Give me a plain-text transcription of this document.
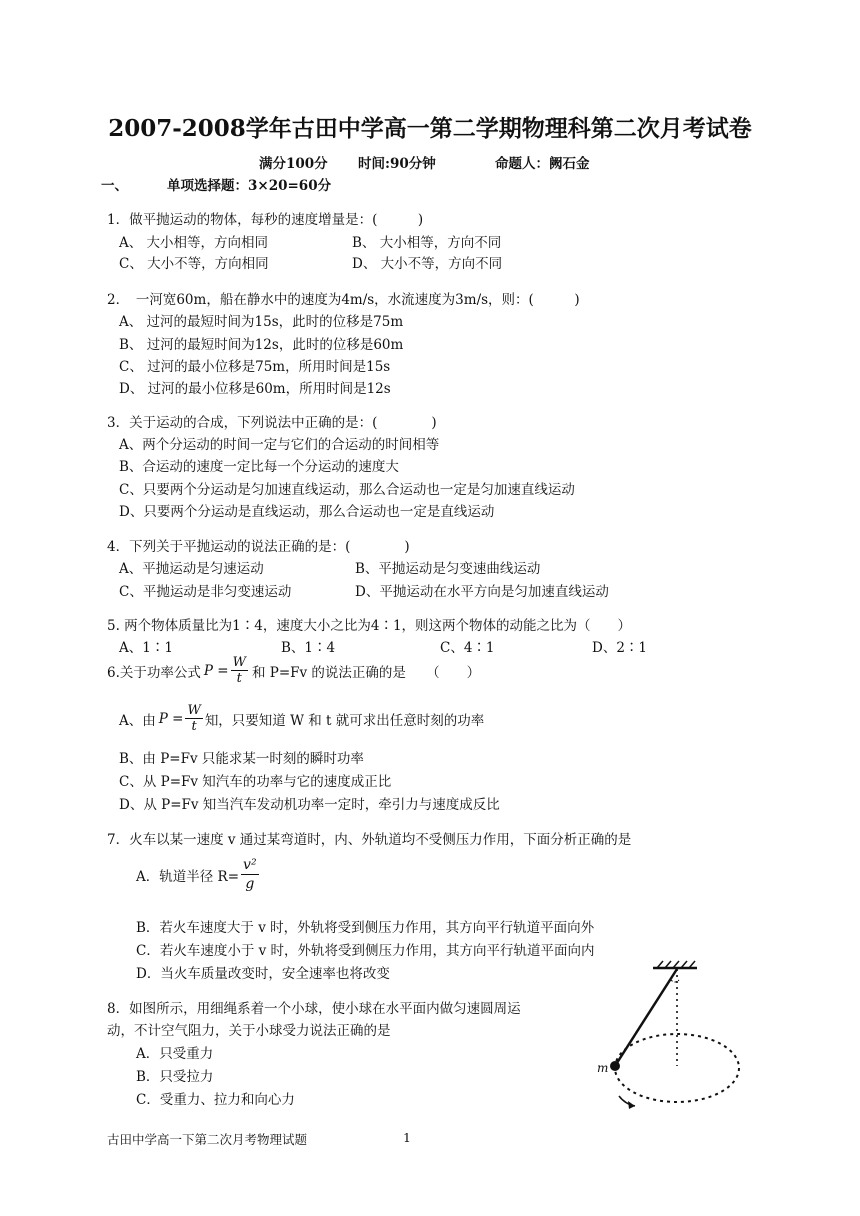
2007-2008学年古田中学高一第二学期物理科第二次月考试卷
满分100分 时间:90分钟	命题人：阙石金
一、	单项选择题：3×20=60分
1．做平抛运动的物体，每秒的速度增量是：(　　　)
A、 大小相等，方向相同	B、 大小相等，方向不同
C、 大小不等，方向相同	D、 大小不等，方向不同
2．　一河宽60m，船在静水中的速度为4m/s，水流速度为3m/s，则：(　　　)
A、 过河的最短时间为15s，此时的位移是75m
B、 过河的最短时间为12s，此时的位移是60m
C、 过河的最小位移是75m，所用时间是15s
D、 过河的最小位移是60m，所用时间是12s
3．关于运动的合成，下列说法中正确的是：(　　　　)
A、两个分运动的时间一定与它们的合运动的时间相等
B、合运动的速度一定比每一个分运动的速度大
C、只要两个分运动是匀加速直线运动，那么合运动也一定是匀加速直线运动
D、只要两个分运动是直线运动，那么合运动也一定是直线运动
4．下列关于平抛运动的说法正确的是：(　　　　)
A、平抛运动是匀速运动	B、平抛运动是匀变速曲线运动
C、平抛运动是非匀变速运动	D、平抛运动在水平方向是匀加速直线运动
5. 两个物体质量比为1∶4，速度大小之比为4∶1，则这两个物体的动能之比为（　　）
A、1∶1	B、1∶4	C、4∶1	D、2∶1
6.关于功率公式 $P = \frac{W}{t}$ 和 P=Fv 的说法正确的是　　（　　）
A、由 $P = \frac{W}{t}$ 知，只要知道 W 和 t 就可求出任意时刻的功率
B、由 P=Fv 只能求某一时刻的瞬时功率
C、从 P=Fv 知汽车的功率与它的速度成正比
D、从 P=Fv 知当汽车发动机功率一定时，牵引力与速度成反比
7．火车以某一速度 v 通过某弯道时，内、外轨道均不受侧压力作用，下面分析正确的是
A．轨道半径 $R= \frac{\text{v²}}{g}$
B．若火车速度大于 v 时，外轨将受到侧压力作用，其方向平行轨道平面向外
C．若火车速度小于 v 时，外轨将受到侧压力作用，其方向平行轨道平面向内
D．当火车质量改变时，安全速率也将改变
8．如图所示，用细绳系着一个小球，使小球在水平面内做匀速圆周运
动，不计空气阻力，关于小球受力说法正确的是
A．只受重力
B．只受拉力
C．受重力、拉力和向心力
m
古田中学高一下第二次月考物理试题	1
